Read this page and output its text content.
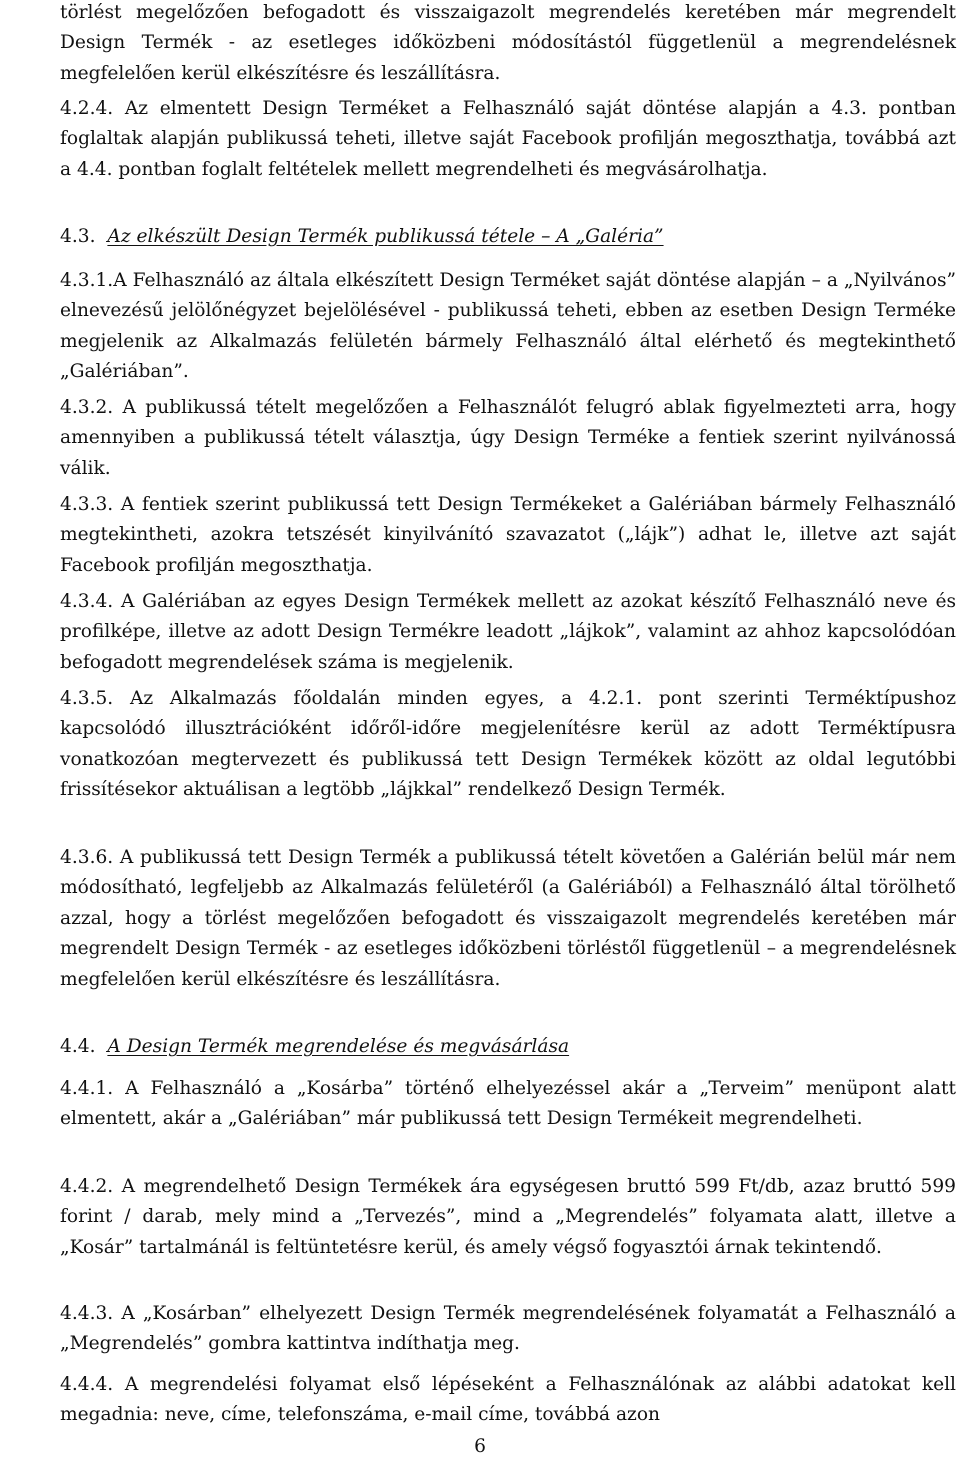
törlést megelőzően befogadott és visszaigazolt megrendelés keretében már megrendelt Design Termék - az esetleges időközbeni módosítástól függetlenül a megrendelésnek megfelelően kerül elkészítésre és leszállításra.

4.2.4. Az elmentett Design Terméket a Felhasználó saját döntése alapján a 4.3. pontban foglaltak alapján publikussá teheti, illetve saját Facebook profilján megoszthatja, továbbá azt a 4.4. pontban foglalt feltételek mellett megrendelheti és megvásárolhatja.

4.3. Az elkészült Design Termék publikussá tétele – A „Galéria”

4.3.1.A Felhasználó az általa elkészített Design Terméket saját döntése alapján – a „Nyilvános” elnevezésű jelölőnégyzet bejelölésével - publikussá teheti, ebben az esetben Design Terméke megjelenik az Alkalmazás felületén bármely Felhasználó által elérhető és megtekinthető „Galériában”.

4.3.2. A publikussá tételt megelőzően a Felhasználót felugró ablak figyelmezteti arra, hogy amennyiben a publikussá tételt választja, úgy Design Terméke a fentiek szerint nyilvánossá válik.

4.3.3. A fentiek szerint publikussá tett Design Termékeket a Galériában bármely Felhasználó megtekintheti, azokra tetszését kinyilvánító szavazatot („lájk”) adhat le, illetve azt saját Facebook profilján megoszthatja.

4.3.4. A Galériában az egyes Design Termékek mellett az azokat készítő Felhasználó neve és profilképe, illetve az adott Design Termékre leadott „lájkok”, valamint az ahhoz kapcsolódóan befogadott megrendelések száma is megjelenik.

4.3.5. Az Alkalmazás főoldalán minden egyes, a 4.2.1. pont szerinti Terméktípushoz kapcsolódó illusztrációként időről-időre megjelenítésre kerül az adott Terméktípusra vonatkozóan megtervezett és publikussá tett Design Termékek között az oldal legutóbbi frissítésekor aktuálisan a legtöbb „lájkkal” rendelkező Design Termék.

4.3.6. A publikussá tett Design Termék a publikussá tételt követően a Galérián belül már nem módosítható, legfeljebb az Alkalmazás felületéről (a Galériából) a Felhasználó által törölhető azzal, hogy a törlést megelőzően befogadott és visszaigazolt megrendelés keretében már megrendelt Design Termék - az esetleges időközbeni törléstől függetlenül – a megrendelésnek megfelelően kerül elkészítésre és leszállításra.

4.4. A Design Termék megrendelése és megvásárlása

4.4.1. A Felhasználó a „Kosárba” történő elhelyezéssel akár a „Terveim” menüpont alatt elmentett, akár a „Galériában” már publikussá tett Design Termékeit megrendelheti.

4.4.2. A megrendelhető Design Termékek ára egységesen bruttó 599 Ft/db, azaz bruttó 599 forint / darab, mely mind a „Tervezés”, mind a „Megrendelés” folyamata alatt, illetve a „Kosár” tartalmánál is feltüntetésre kerül, és amely végső fogyasztói árnak tekintendő.

4.4.3. A „Kosárban” elhelyezett Design Termék megrendelésének folyamatát a Felhasználó a „Megrendelés” gombra kattintva indíthatja meg.

4.4.4. A megrendelési folyamat első lépéseként a Felhasználónak az alábbi adatokat kell megadnia: neve, címe, telefonszáma, e-mail címe, továbbá azon

6
